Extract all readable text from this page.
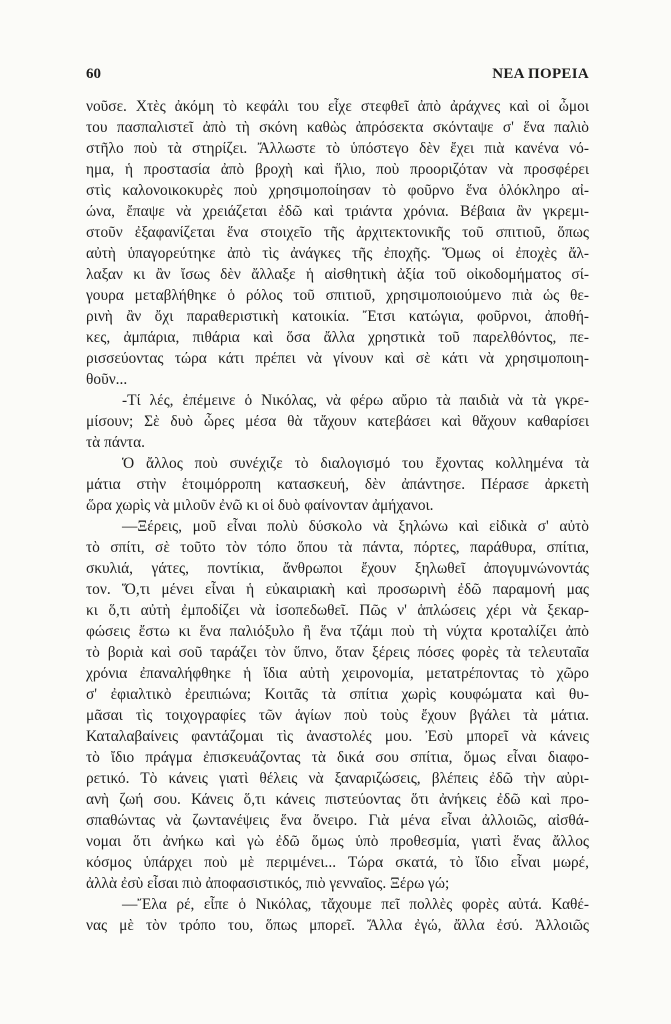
60	ΝΕΑ ΠΟΡΕΙΑ
νοῦσε. Χτὲς ἀκόμη τὸ κεφάλι του εἶχε στεφθεῖ ἀπὸ ἀράχνες καὶ οἱ ὦμοι
του πασπαλιστεῖ ἀπὸ τὴ σκόνη καθὼς ἀπρόσεκτα σκόνταψε σ' ἕνα παλιὸ
στῆλο ποὺ τὰ στηρίζει. Ἄλλωστε τὸ ὑπόστεγο δὲν ἔχει πιὰ κανένα νό-
ημα, ἡ προστασία ἀπὸ βροχὴ καὶ ἥλιο, ποὺ προοριζόταν νὰ προσφέρει
στὶς καλονοικοκυρὲς ποὺ χρησιμοποίησαν τὸ φοῦρνο ἕνα ὁλόκληρο αἰ-
ώνα, ἔπαψε νὰ χρειάζεται ἐδῶ καὶ τριάντα χρόνια. Βέβαια ἂν γκρεμι-
στοῦν ἐξαφανίζεται ἕνα στοιχεῖο τῆς ἀρχιτεκτονικῆς τοῦ σπιτιοῦ, ὅπως
αὐτὴ ὑπαγορεύτηκε ἀπὸ τὶς ἀνάγκες τῆς ἐποχῆς. Ὅμως οἱ ἐποχὲς ἄλ-
λαξαν κι ἂν ἴσως δὲν ἄλλαξε ἡ αἰσθητικὴ ἀξία τοῦ οἰκοδομήματος σί-
γουρα μεταβλήθηκε ὁ ρόλος τοῦ σπιτιοῦ, χρησιμοποιούμενο πιὰ ὡς θε-
ρινὴ ἂν ὄχι παραθεριστικὴ κατοικία. Ἔτσι κατώγια, φοῦρνοι, ἀποθή-
κες, ἀμπάρια, πιθάρια καὶ ὅσα ἄλλα χρηστικὰ τοῦ παρελθόντος, πε-
ρισσεύοντας τώρα κάτι πρέπει νὰ γίνουν καὶ σὲ κάτι νὰ χρησιμοποιη-
θοῦν...
-Τί λές, ἐπέμεινε ὁ Νικόλας, νὰ φέρω αὔριο τὰ παιδιὰ νὰ τὰ γκρε-
μίσουν; Σὲ δυὸ ὧρες μέσα θὰ τἄχουν κατεβάσει καὶ θἄχουν καθαρίσει
τὰ πάντα.
Ὁ ἄλλος ποὺ συνέχιζε τὸ διαλογισμό του ἔχοντας κολλημένα τὰ
μάτια στὴν ἑτοιμόρροπη κατασκευή, δὲν ἀπάντησε. Πέρασε ἀρκετὴ
ὥρα χωρὶς νὰ μιλοῦν ἐνῶ κι οἱ δυὸ φαίνονταν ἀμήχανοι.
—Ξέρεις, μοῦ εἶναι πολὺ δύσκολο νὰ ξηλώνω καὶ εἰδικὰ σ' αὐτὸ
τὸ σπίτι, σὲ τοῦτο τὸν τόπο ὅπου τὰ πάντα, πόρτες, παράθυρα, σπίτια,
σκυλιά, γάτες, ποντίκια, ἄνθρωποι ἔχουν ξηλωθεῖ ἀπογυμνώνοντάς
τον. Ὅ,τι μένει εἶναι ἡ εὐκαιριακὴ καὶ προσωρινὴ ἐδῶ παραμονή μας
κι ὅ,τι αὐτὴ ἐμποδίζει νὰ ἰσοπεδωθεῖ. Πῶς ν' ἁπλώσεις χέρι νὰ ξεκαρ-
φώσεις ἔστω κι ἕνα παλιόξυλο ἢ ἕνα τζάμι ποὺ τὴ νύχτα κροταλίζει ἀπὸ
τὸ βοριὰ καὶ σοῦ ταράζει τὸν ὕπνο, ὅταν ξέρεις πόσες φορὲς τὰ τελευταῖα
χρόνια ἐπαναλήφθηκε ἡ ἴδια αὐτὴ χειρονομία, μετατρέποντας τὸ χῶρο
σ' ἐφιαλτικὸ ἐρειπιώνα; Κοιτᾶς τὰ σπίτια χωρὶς κουφώματα καὶ θυ-
μᾶσαι τὶς τοιχογραφίες τῶν ἁγίων ποὺ τοὺς ἔχουν βγάλει τὰ μάτια.
Καταλαβαίνεις φαντάζομαι τὶς ἀναστολές μου. Ἐσὺ μπορεῖ νὰ κάνεις
τὸ ἴδιο πράγμα ἐπισκευάζοντας τὰ δικά σου σπίτια, ὅμως εἶναι διαφο-
ρετικό. Τὸ κάνεις γιατὶ θέλεις νὰ ξαναριζώσεις, βλέπεις ἐδῶ τὴν αὐρι-
ανὴ ζωή σου. Κάνεις ὅ,τι κάνεις πιστεύοντας ὅτι ἀνήκεις ἐδῶ καὶ προ-
σπαθώντας νὰ ζωντανέψεις ἕνα ὄνειρο. Γιὰ μένα εἶναι ἀλλοιῶς, αἰσθά-
νομαι ὅτι ἀνήκω καὶ γὼ ἐδῶ ὅμως ὑπὸ προθεσμία, γιατὶ ἕνας ἄλλος
κόσμος ὑπάρχει ποὺ μὲ περιμένει... Τώρα σκατά, τὸ ἴδιο εἶναι μωρέ,
ἀλλὰ ἐσὺ εἶσαι πιὸ ἀποφασιστικός, πιὸ γενναῖος. Ξέρω γώ;
—Ἔλα ρέ, εἶπε ὁ Νικόλας, τἄχουμε πεῖ πολλὲς φορὲς αὐτά. Καθέ-
νας μὲ τὸν τρόπο του, ὅπως μπορεῖ. Ἄλλα ἐγώ, ἄλλα ἐσύ. Ἀλλοιῶς
